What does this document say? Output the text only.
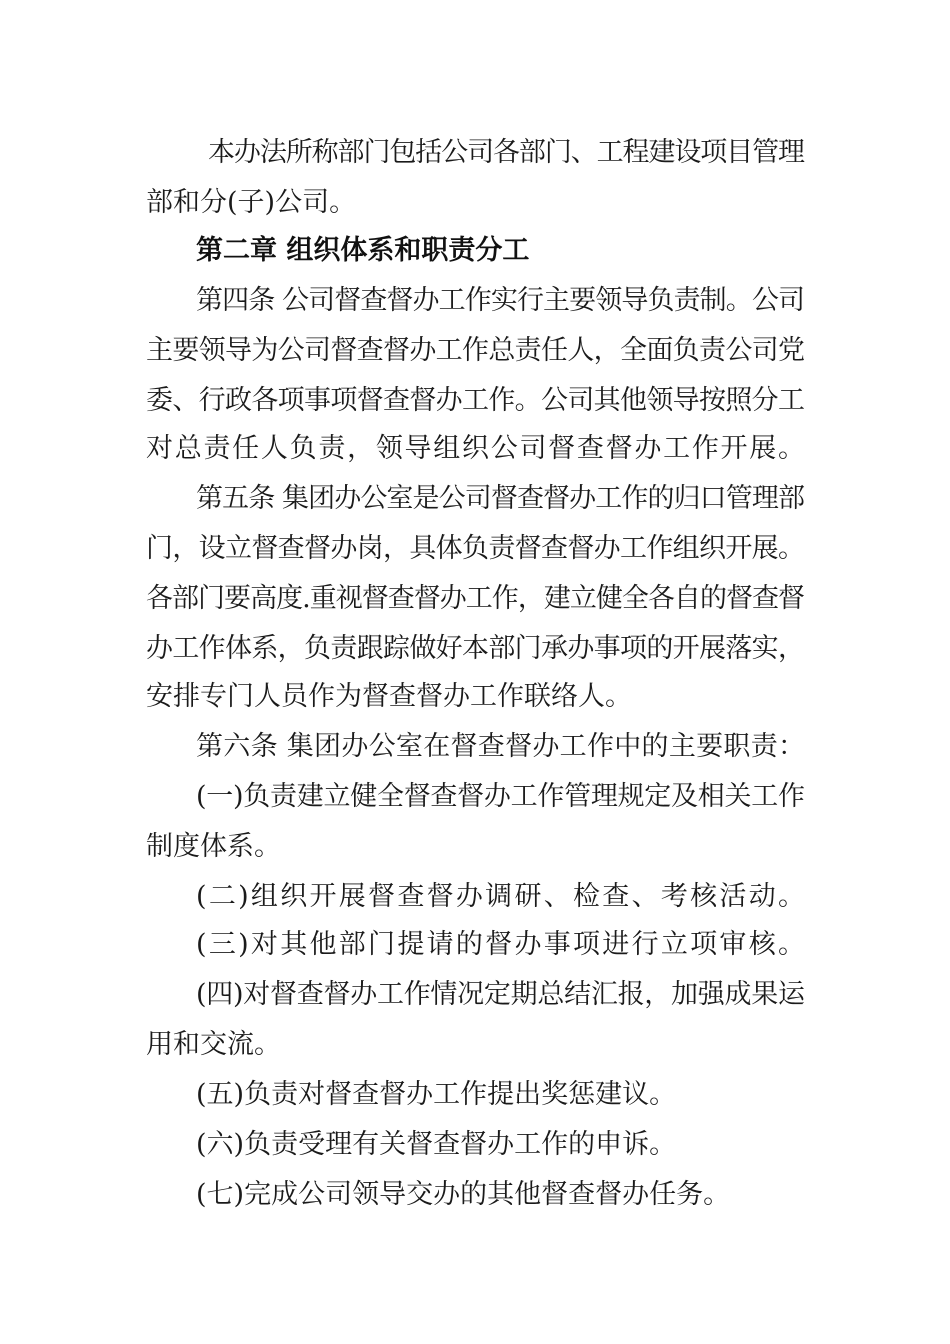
本办法所称部门包括公司各部门、工程建设项目管理

部和分(子)公司。

第二章 组织体系和职责分工

第四条 公司督查督办工作实行主要领导负责制。公司

主要领导为公司督查督办工作总责任人，全面负责公司党

委、行政各项事项督查督办工作。公司其他领导按照分工

对总责任人负责，领导组织公司督查督办工作开展。

第五条 集团办公室是公司督查督办工作的归口管理部

门，设立督查督办岗，具体负责督查督办工作组织开展。

各部门要高度.重视督查督办工作，建立健全各自的督查督

办工作体系，负责跟踪做好本部门承办事项的开展落实，

安排专门人员作为督查督办工作联络人。

第六条 集团办公室在督查督办工作中的主要职责：

(一)负责建立健全督查督办工作管理规定及相关工作

制度体系。

(二)组织开展督查督办调研、检查、考核活动。

(三)对其他部门提请的督办事项进行立项审核。

(四)对督查督办工作情况定期总结汇报，加强成果运

用和交流。

(五)负责对督查督办工作提出奖惩建议。

(六)负责受理有关督查督办工作的申诉。

(七)完成公司领导交办的其他督查督办任务。
